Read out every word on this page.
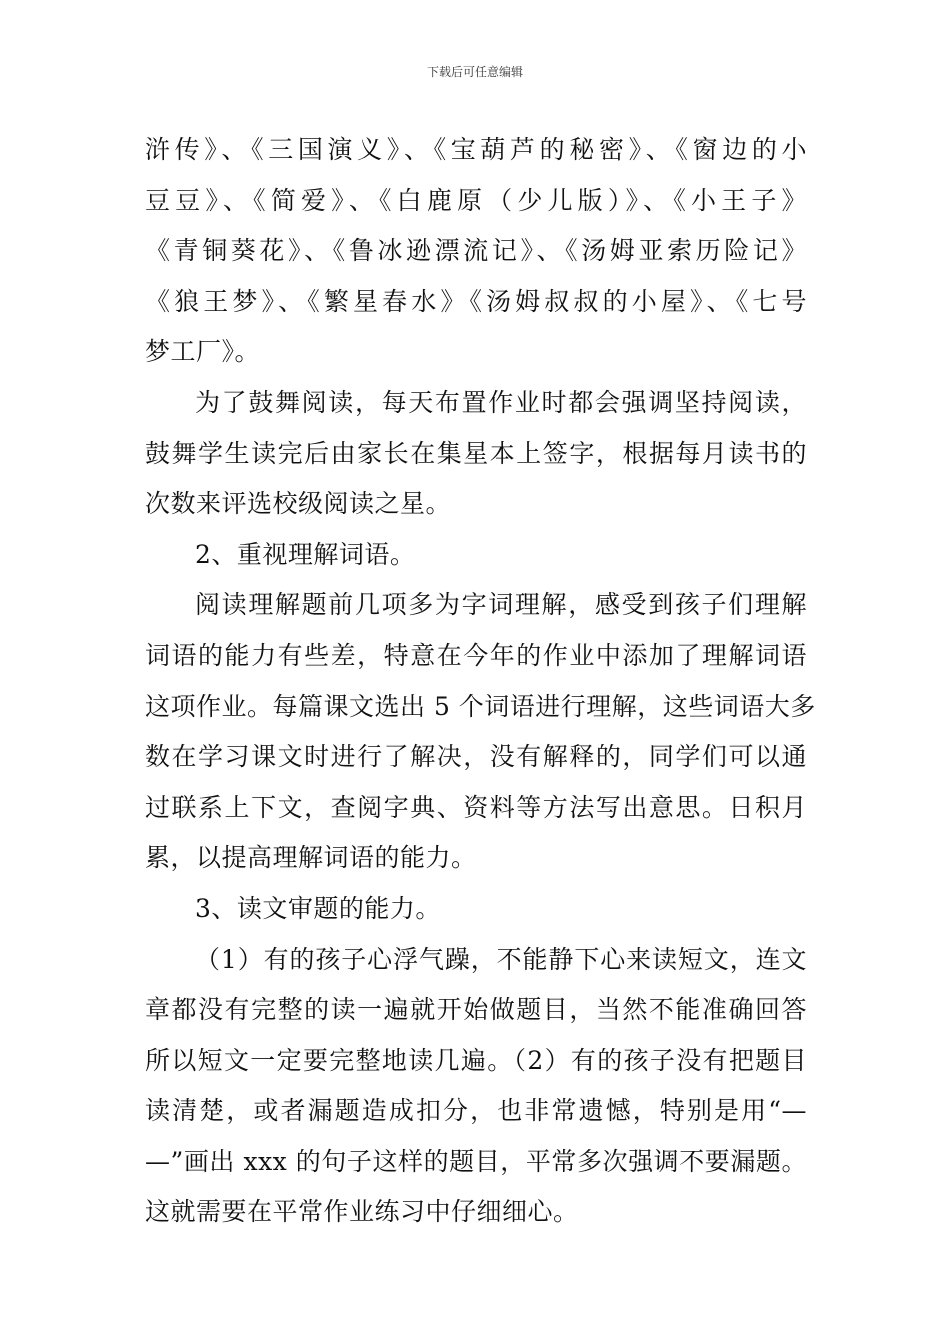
下载后可任意编辑
浒传》、《三国演义》、《宝葫芦的秘密》、《窗边的小
豆豆》、《简爱》、《白鹿原（少儿版）》、《小王子》
《青铜葵花》、《鲁冰逊漂流记》、《汤姆亚索历险记》
《狼王梦》、《繁星春水》《汤姆叔叔的小屋》、《七号
梦工厂》。
为了鼓舞阅读，每天布置作业时都会强调坚持阅读，
鼓舞学生读完后由家长在集星本上签字，根据每月读书的
次数来评选校级阅读之星。
2、重视理解词语。
阅读理解题前几项多为字词理解，感受到孩子们理解
词语的能力有些差，特意在今年的作业中添加了理解词语
这项作业。每篇课文选出 5 个词语进行理解，这些词语大多
数在学习课文时进行了解决，没有解释的，同学们可以通
过联系上下文，查阅字典、资料等方法写出意思。日积月
累，以提高理解词语的能力。
3、读文审题的能力。
（1）有的孩子心浮气躁，不能静下心来读短文，连文
章都没有完整的读一遍就开始做题目，当然不能准确回答
所以短文一定要完整地读几遍。（2）有的孩子没有把题目
读清楚，或者漏题造成扣分，也非常遗憾，特别是用“—
—”画出 xxx 的句子这样的题目，平常多次强调不要漏题。
这就需要在平常作业练习中仔细细心。
